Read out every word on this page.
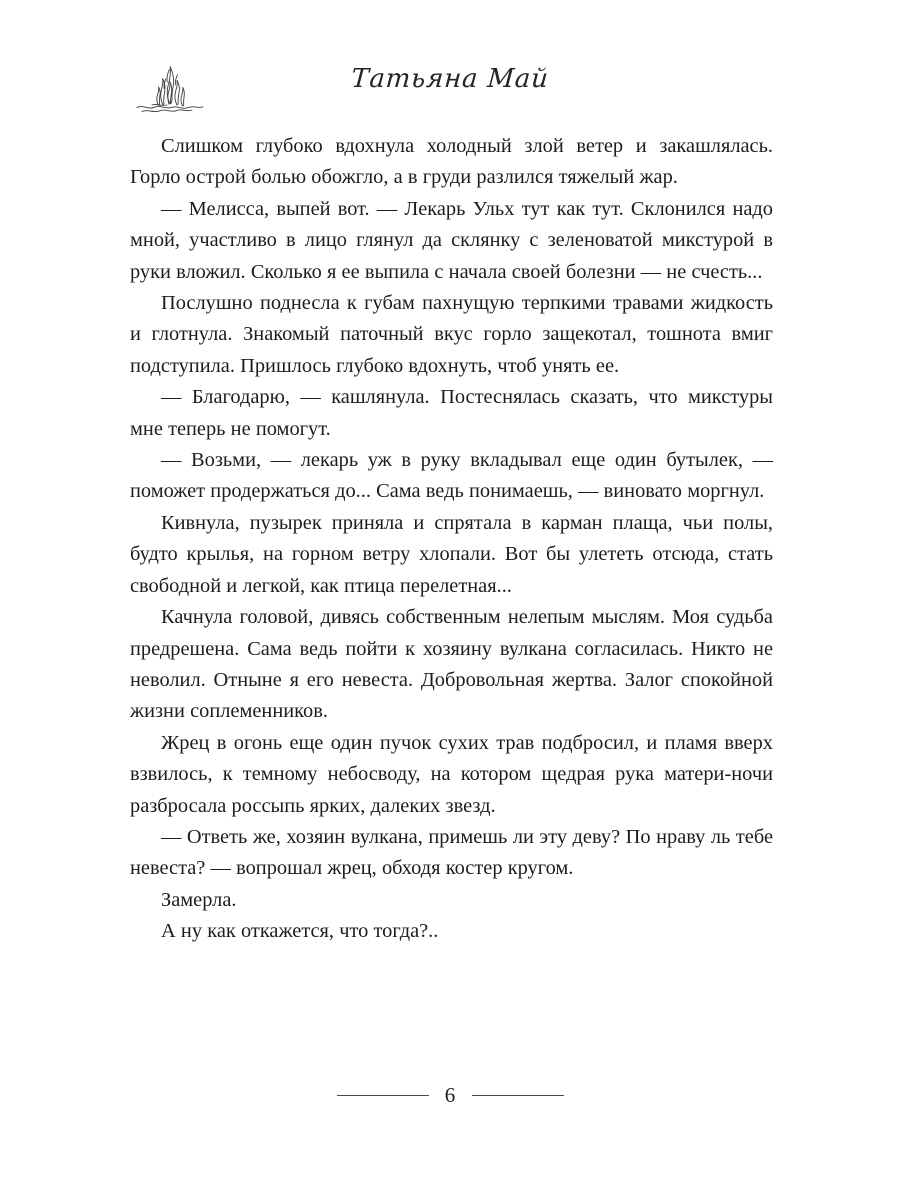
Татьяна Май

Слишком глубоко вдохнула холодный злой ветер и закашлялась. Горло острой болью обожгло, а в груди разлился тяжелый жар.

— Мелисса, выпей вот. — Лекарь Ульх тут как тут. Склонился надо мной, участливо в лицо глянул да склянку с зеленоватой микстурой в руки вложил. Сколько я ее выпила с начала своей болезни — не счесть...

Послушно поднесла к губам пахнущую терпкими травами жидкость и глотнула. Знакомый паточный вкус горло защекотал, тошнота вмиг подступила. Пришлось глубоко вдохнуть, чтоб унять ее.

— Благодарю, — кашлянула. Постеснялась сказать, что микстуры мне теперь не помогут.

— Возьми, — лекарь уж в руку вкладывал еще один бутылек, — поможет продержаться до... Сама ведь понимаешь, — виновато моргнул.

Кивнула, пузырек приняла и спрятала в карман плаща, чьи полы, будто крылья, на горном ветру хлопали. Вот бы улететь отсюда, стать свободной и легкой, как птица перелетная...

Качнула головой, дивясь собственным нелепым мыслям. Моя судьба предрешена. Сама ведь пойти к хозяину вулкана согласилась. Никто не неволил. Отныне я его невеста. Добровольная жертва. Залог спокойной жизни соплеменников.

Жрец в огонь еще один пучок сухих трав подбросил, и пламя вверх взвилось, к темному небосводу, на котором щедрая рука матери-ночи разбросала россыпь ярких, далеких звезд.

— Ответь же, хозяин вулкана, примешь ли эту деву? По нраву ль тебе невеста? — вопрошал жрец, обходя костер кругом.

Замерла.

А ну как откажется, что тогда?..

6
